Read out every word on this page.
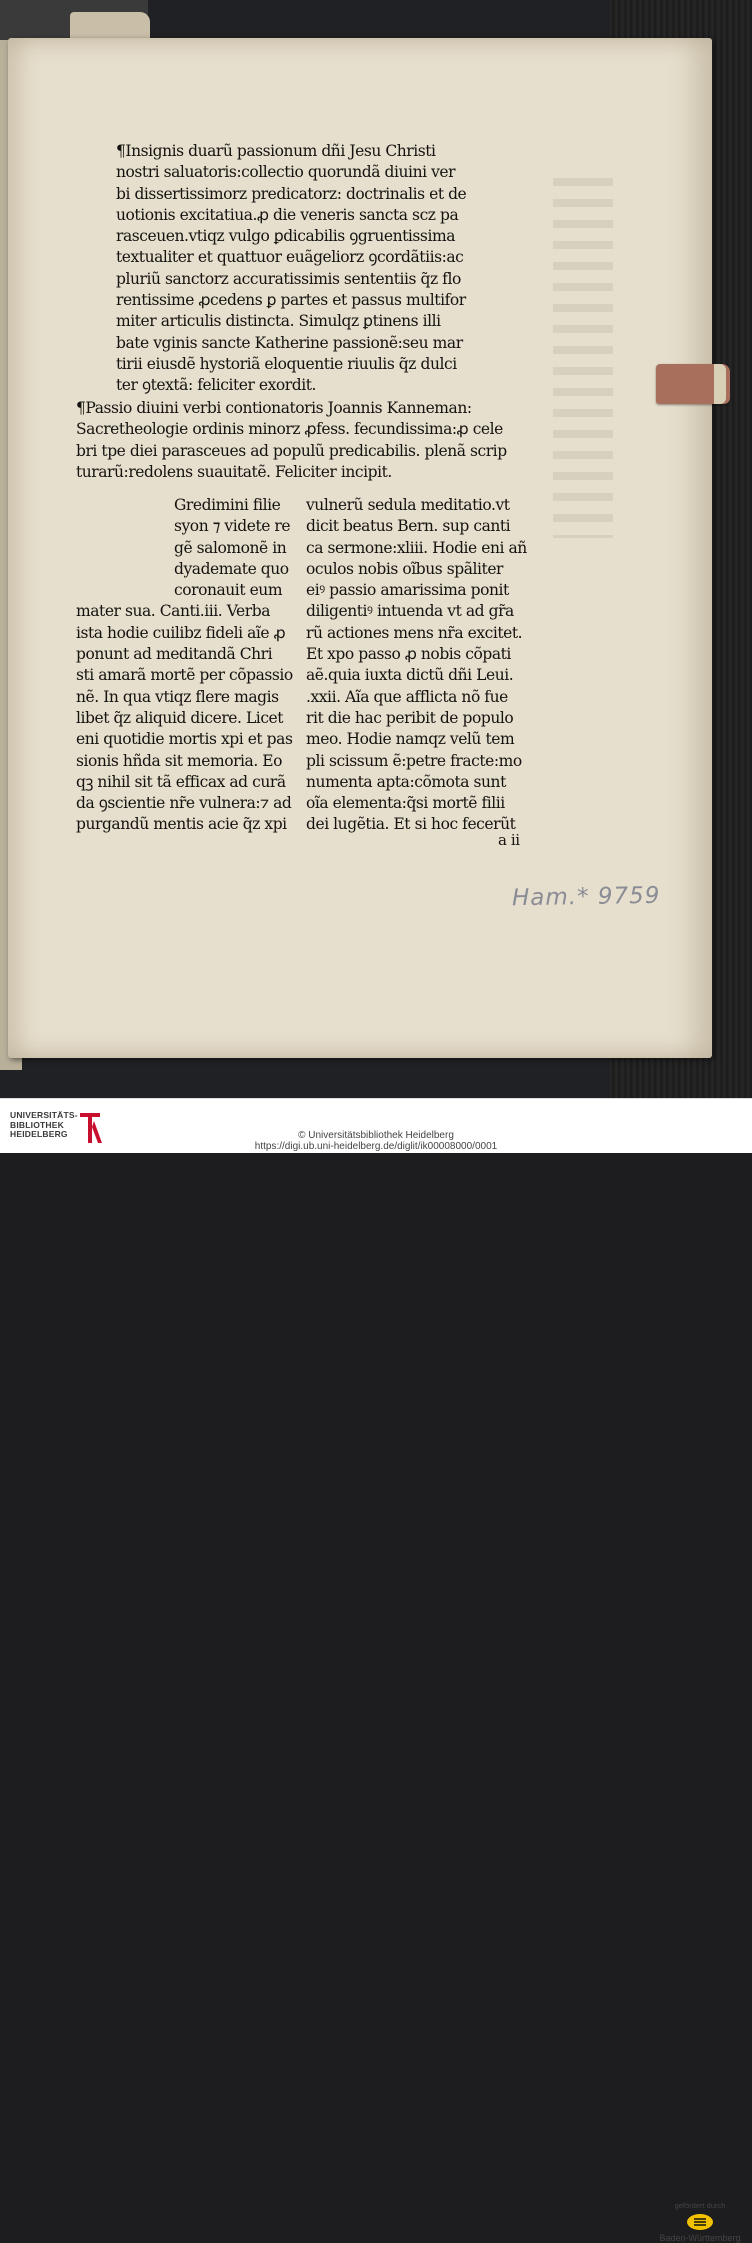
¶Insignis duarũ passionum dñi Jesu Christi
nostri saluatoris:collectio quorundã diuini ver
bi dissertissimorz predicatorz: doctrinalis et de
uotionis excitatiua.ꝓ die veneris sancta scz pa
rasceuen.vtiqz vulgo ꝑdicabilis ꝯgruentissima
textualiter et quattuor euãgeliorz ꝯcordãtiis:ac
pluriũ sanctorz accuratissimis sententiis q̃z flo
rentissime ꝓcedens ꝑ partes et passus multifor
miter articulis distincta. Simulqz ꝑtinens illi
bate vginis sancte Katherine passionẽ:seu mar
tirii eiusdẽ hystoriã eloquentie riuulis q̃z dulci
ter ꝯtextã: feliciter exordit.
¶Passio diuini verbi contionatoris Joannis Kanneman:
Sacretheologie ordinis minorz ꝓfess. fecundissima:ꝓ cele
bri tpe diei parasceues ad populũ predicabilis. plenã scrip
turarũ:redolens suauitatẽ. Feliciter incipit.
Gredimini filie
syon ⁊ videte re
gẽ salomonẽ in
dyademate quo
coronauit eum
mater sua. Canti.iii. Verba
ista hodie cuilibz fideli aĩe ꝓ
ponunt ad meditandã Chri
sti amarã mortẽ per cõpassio
nẽ. In qua vtiqz flere magis
libet q̃z aliquid dicere. Licet
eni quotidie mortis xpi et pas
sionis hñda sit memoria. Eo
qꝫ nihil sit tã efficax ad curã
da ꝯscientie nr̃e vulnera:⁊ ad
purgandũ mentis acie q̃z xpi
vulnerũ sedula meditatio.vt
dicit beatus Bern. sup canti
ca sermone:xliii. Hodie eni añ
oculos nobis oĩbus spãliter
eiꝰ passio amarissima ponit
diligentiꝰ intuenda vt ad gr̃a
rũ actiones mens nr̃a excitet.
Et xpo passo ꝓ nobis cõpati
aẽ.quia iuxta dictũ dñi Leui.
.xxii. Aĩa que afflicta nõ fue
rit die hac peribit de populo
meo. Hodie namqz velũ tem
pli scissum ẽ:petre fracte:mo
numenta apta:cõmota sunt
oĩa elementa:q̃si mortẽ filii
dei lugẽtia. Et si hoc fecerũt
a ii
Ham.* 9759
UNIVERSITÄTS-
BIBLIOTHEK
HEIDELBERG
gefördert durch
Baden-Württemberg
© Universitätsbibliothek Heidelberg
https://digi.ub.uni-heidelberg.de/diglit/ik00008000/0001
